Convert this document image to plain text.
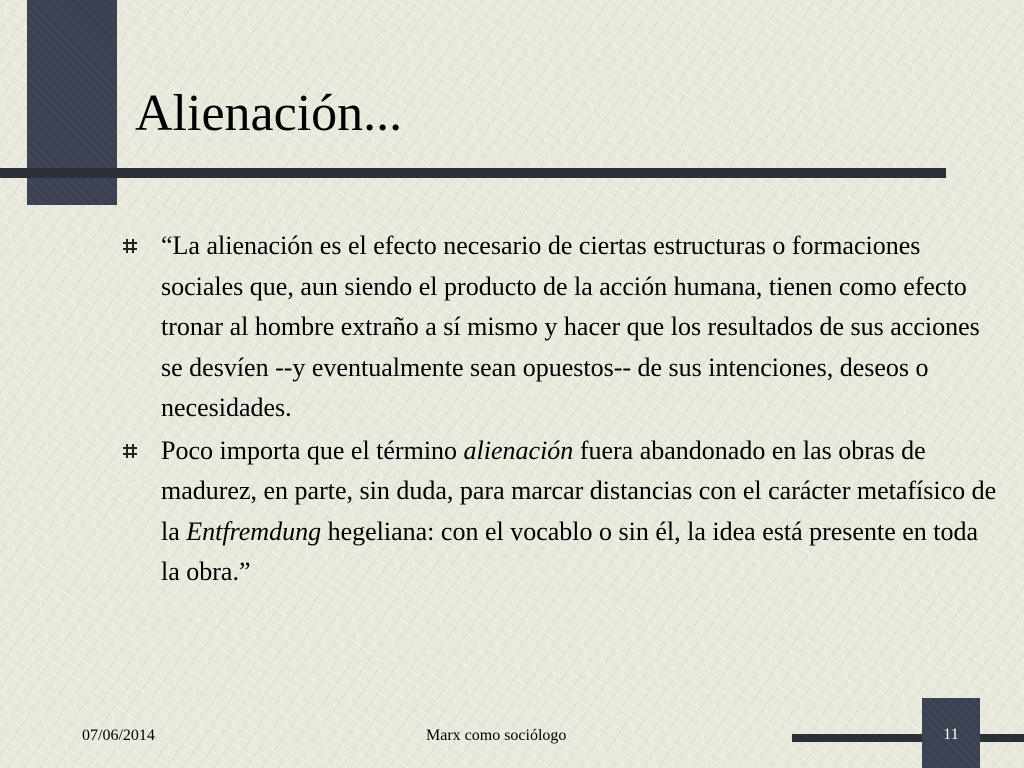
Alienación...
“La alienación es el efecto necesario de ciertas estructuras o formaciones sociales que, aun siendo el producto de la acción humana, tienen como efecto tronar al hombre extraño a sí mismo y hacer que los resultados de sus acciones se desvíen --y eventualmente sean opuestos-- de sus intenciones, deseos o necesidades.
Poco importa que el término alienación fuera abandonado en las obras de madurez, en parte, sin duda, para marcar distancias con el carácter metafísico de la Entfremdung hegeliana: con el vocablo o sin él, la idea está presente en toda la obra.”
07/06/2014	Marx como sociólogo	11
